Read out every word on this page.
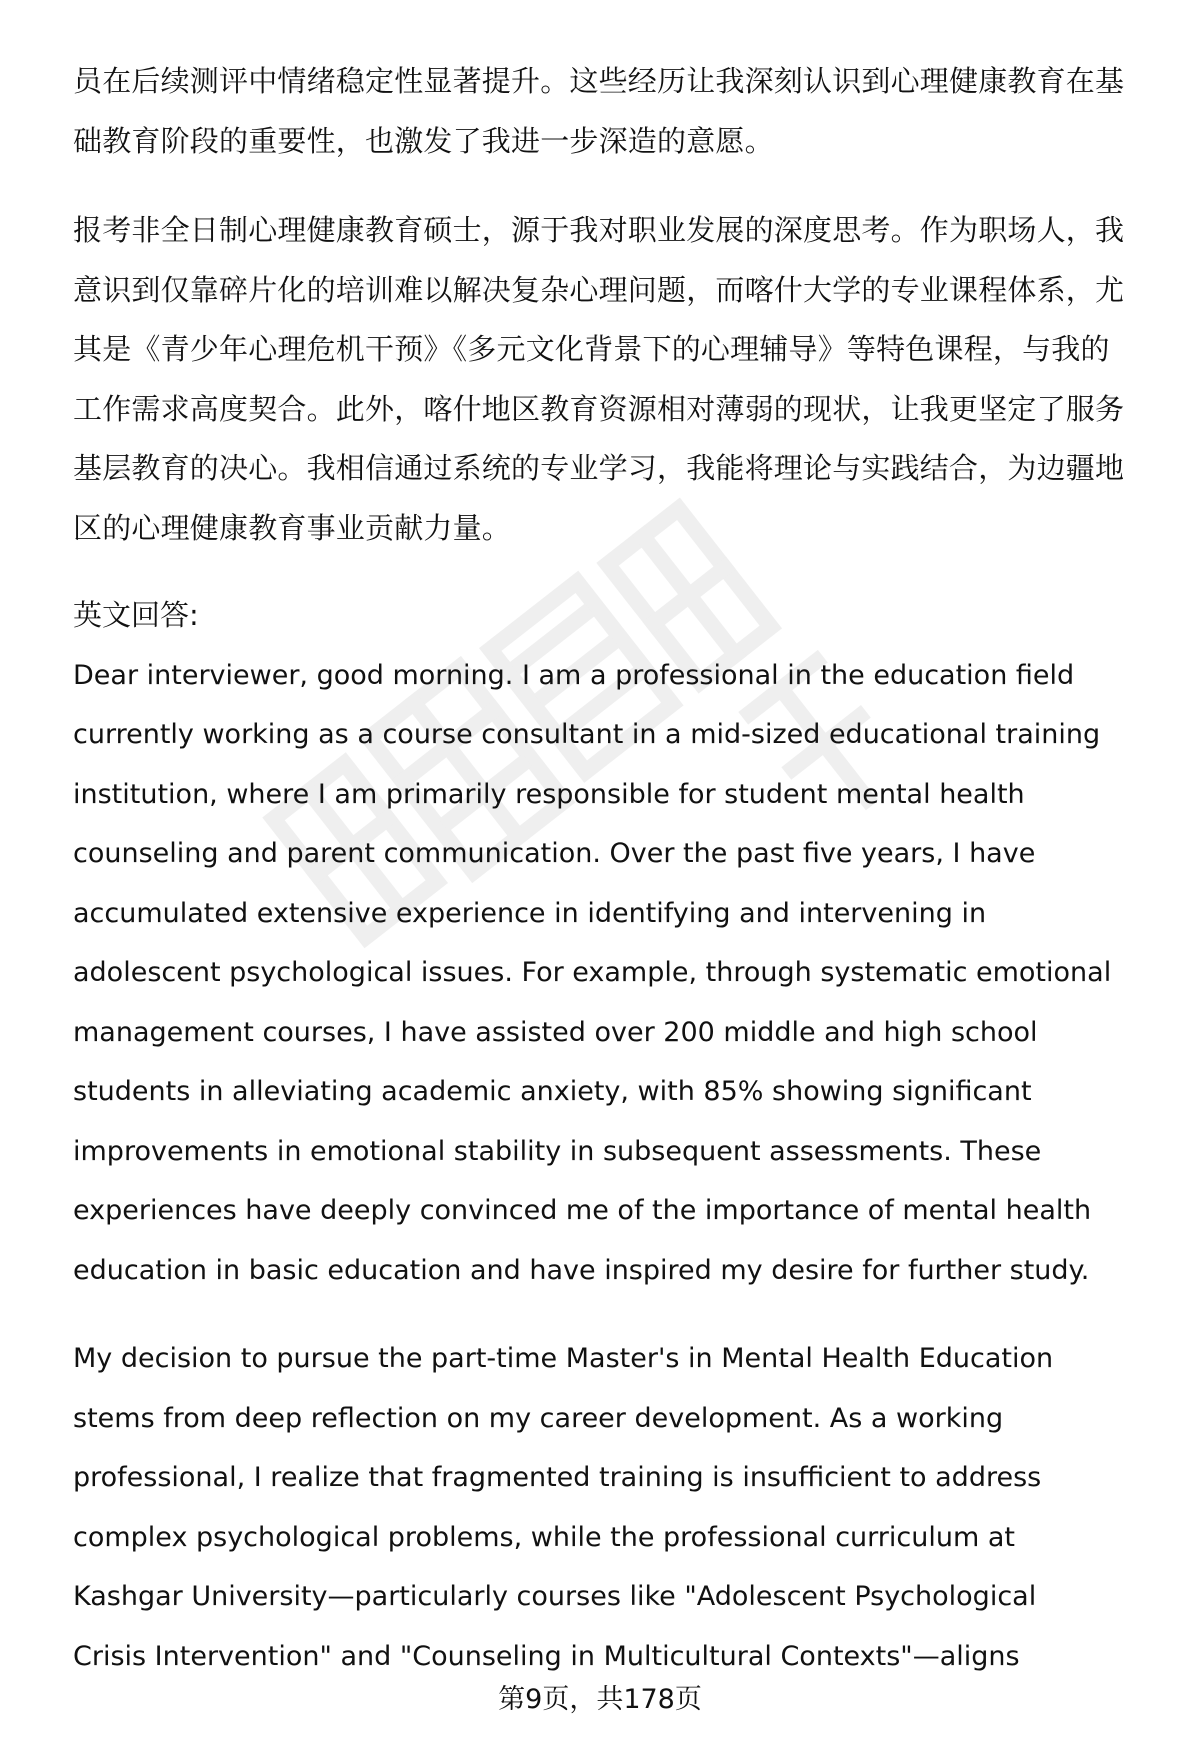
员在后续测评中情绪稳定性显著提升。这些经历让我深刻认识到心理健康教育在基
础教育阶段的重要性，也激发了我进一步深造的意愿。
报考非全日制心理健康教育硕士，源于我对职业发展的深度思考。作为职场人，我
意识到仅靠碎片化的培训难以解决复杂心理问题，而喀什大学的专业课程体系，尤
其是《青少年心理危机干预》《多元文化背景下的心理辅导》等特色课程，与我的
工作需求高度契合。此外，喀什地区教育资源相对薄弱的现状，让我更坚定了服务
基层教育的决心。我相信通过系统的专业学习，我能将理论与实践结合，为边疆地
区的心理健康教育事业贡献力量。
英文回答:
Dear interviewer, good morning. I am a professional in the education field
currently working as a course consultant in a mid-sized educational training
institution, where I am primarily responsible for student mental health
counseling and parent communication. Over the past five years, I have
accumulated extensive experience in identifying and intervening in
adolescent psychological issues. For example, through systematic emotional
management courses, I have assisted over 200 middle and high school
students in alleviating academic anxiety, with 85% showing significant
improvements in emotional stability in subsequent assessments. These
experiences have deeply convinced me of the importance of mental health
education in basic education and have inspired my desire for further study.
My decision to pursue the part-time Master's in Mental Health Education
stems from deep reflection on my career development. As a working
professional, I realize that fragmented training is insufficient to address
complex psychological problems, while the professional curriculum at
Kashgar University—particularly courses like "Adolescent Psychological
Crisis Intervention" and "Counseling in Multicultural Contexts"—aligns
第9页，共178页
